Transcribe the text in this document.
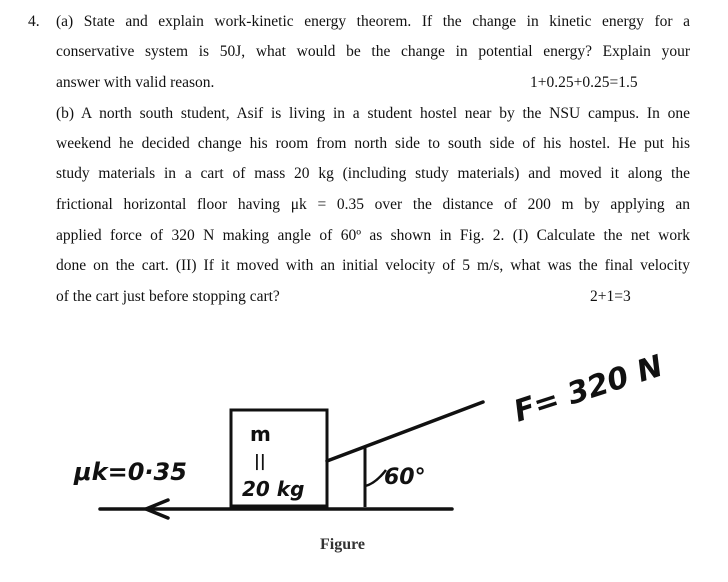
4. (a) State and explain work-kinetic energy theorem. If the change in kinetic energy for a
conservative system is 50J, what would be the change in potential energy? Explain your
answer with valid reason.	1+0.25+0.25=1.5
(b) A north south student, Asif is living in a student hostel near by the NSU campus. In one
weekend he decided change his room from north side to south side of his hostel. He put his
study materials in a cart of mass 20 kg (including study materials) and moved it along the
frictional horizontal floor having μk = 0.35 over the distance of 200 m by applying an
applied force of 320 N making angle of 60º as shown in Fig. 2. (I) Calculate the net work
done on the cart. (II) If it moved with an initial velocity of 5 m/s, what was the final velocity
of the cart just before stopping cart?	2+1=3
μk=0·35
m
||
20 kg	60°
F= 320 N
Figure
